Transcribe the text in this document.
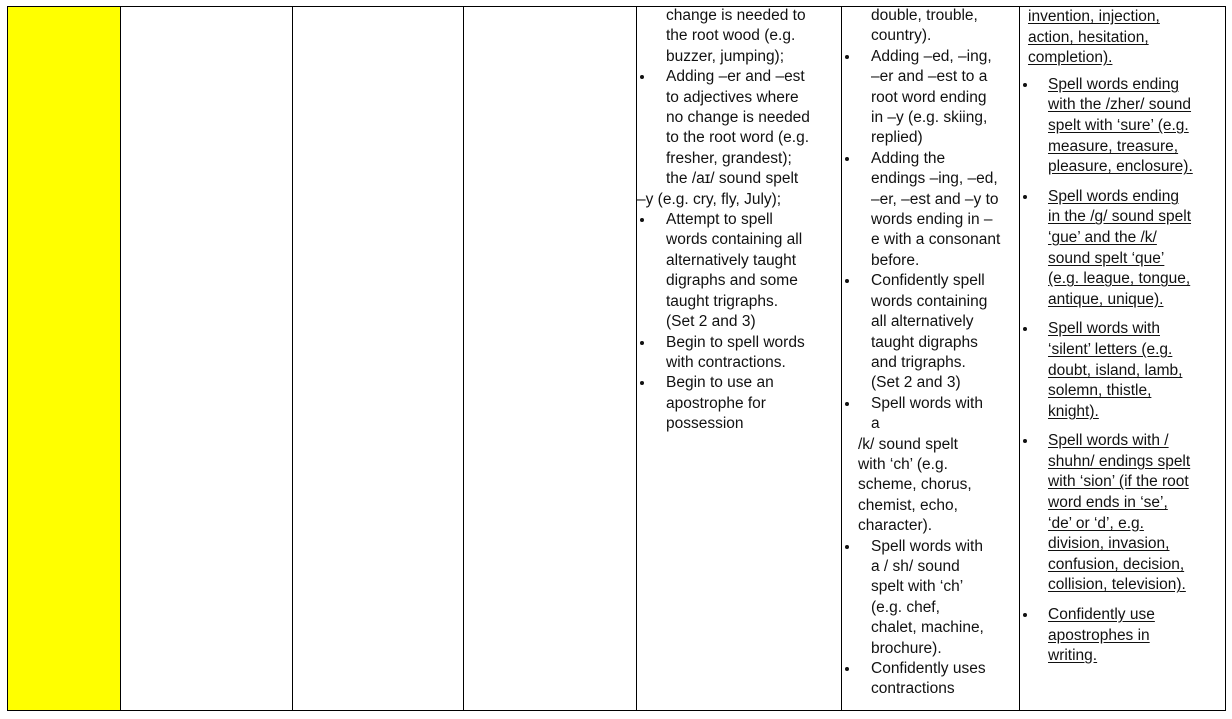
change is needed to
the root wood (e.g.
buzzer, jumping);
Adding –er and –est
to adjectives where
no change is needed
to the root word (e.g.
fresher, grandest);
the /aɪ/ sound spelt
–y (e.g. cry, fly, July);
Attempt to spell
words containing all
alternatively taught
digraphs and some
taught trigraphs.
(Set 2 and 3)
Begin to spell words
with contractions.
Begin to use an
apostrophe for
possession
double, trouble,
country).
Adding –ed, –ing,
–er and –est to a
root word ending
in –y (e.g. skiing,
replied)
Adding the
endings –ing, –ed,
–er, –est and –y to
words ending in –
e with a consonant
before.
Confidently spell
words containing
all alternatively
taught digraphs
and trigraphs.
(Set 2 and 3)
Spell words with
a
/k/ sound spelt
with ‘ch’ (e.g.
scheme, chorus,
chemist, echo,
character).
Spell words with
a / sh/ sound
spelt with ‘ch’
(e.g. chef,
chalet, machine,
brochure).
Confidently uses
contractions
invention, injection,
action, hesitation,
completion).
Spell words ending
with the /zher/ sound
spelt with ‘sure’ (e.g.
measure, treasure,
pleasure, enclosure).
Spell words ending
in the /g/ sound spelt
‘gue’ and the /k/
sound spelt ‘que’
(e.g. league, tongue,
antique, unique).
Spell words with
‘silent’ letters (e.g.
doubt, island, lamb,
solemn, thistle,
knight).
Spell words with /
shuhn/ endings spelt
with ‘sion’ (if the root
word ends in ‘se’,
‘de’ or ‘d’, e.g.
division, invasion,
confusion, decision,
collision, television).
Confidently use
apostrophes in
writing.
